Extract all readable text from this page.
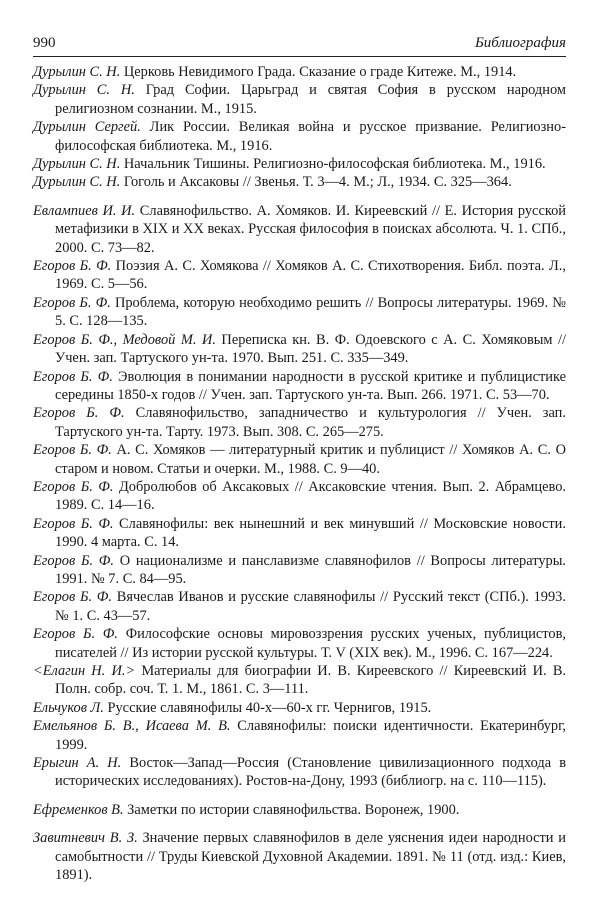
990	Библиография

Дурылин С. Н. Церковь Невидимого Града. Сказание о граде Китеже. М., 1914.

Дурылин С. Н. Град Софии. Царьград и святая София в русском народном религиозном сознании. М., 1915.

Дурылин Сергей. Лик России. Великая война и русское призвание. Религиозно-философская библиотека. М., 1916.

Дурылин С. Н. Начальник Тишины. Религиозно-философская библиотека. М., 1916.

Дурылин С. Н. Гоголь и Аксаковы // Звенья. Т. 3—4. М.; Л., 1934. С. 325—364.

Евлампиев И. И. Славянофильство. А. Хомяков. И. Киреевский // Е. История русской метафизики в XIX и XX веках. Русская философия в поисках абсолюта. Ч. 1. СПб., 2000. С. 73—82.

Егоров Б. Ф. Поэзия А. С. Хомякова // Хомяков А. С. Стихотворения. Библ. поэта. Л., 1969. С. 5—56.

Егоров Б. Ф. Проблема, которую необходимо решить // Вопросы литературы. 1969. № 5. С. 128—135.

Егоров Б. Ф., Медовой М. И. Переписка кн. В. Ф. Одоевского с А. С. Хомяковым // Учен. зап. Тартуского ун-та. 1970. Вып. 251. С. 335—349.

Егоров Б. Ф. Эволюция в понимании народности в русской критике и публицистике середины 1850-х годов // Учен. зап. Тартуского ун-та. Вып. 266. 1971. С. 53—70.

Егоров Б. Ф. Славянофильство, западничество и культурология // Учен. зап. Тартуского ун-та. Тарту. 1973. Вып. 308. С. 265—275.

Егоров Б. Ф. А. С. Хомяков — литературный критик и публицист // Хомяков А. С. О старом и новом. Статьи и очерки. М., 1988. С. 9—40.

Егоров Б. Ф. Добролюбов об Аксаковых // Аксаковские чтения. Вып. 2. Абрамцево. 1989. С. 14—16.

Егоров Б. Ф. Славянофилы: век нынешний и век минувший // Московские новости. 1990. 4 марта. С. 14.

Егоров Б. Ф. О национализме и панславизме славянофилов // Вопросы литературы. 1991. № 7. С. 84—95.

Егоров Б. Ф. Вячеслав Иванов и русские славянофилы // Русский текст (СПб.). 1993. № 1. С. 43—57.

Егоров Б. Ф. Философские основы мировоззрения русских ученых, публицистов, писателей // Из истории русской культуры. Т. V (XIX век). М., 1996. С. 167—224.

<Елагин Н. И.> Материалы для биографии И. В. Киреевского // Киреевский И. В. Полн. собр. соч. Т. 1. М., 1861. С. 3—111.

Ельчуков Л. Русские славянофилы 40-х—60-х гг. Чернигов, 1915.

Емельянов Б. В., Исаева М. В. Славянофилы: поиски идентичности. Екатеринбург, 1999.

Ерыгин А. Н. Восток—Запад—Россия (Становление цивилизационного подхода в исторических исследованиях). Ростов-на-Дону, 1993 (библиогр. на с. 110—115).

Ефременков В. Заметки по истории славянофильства. Воронеж, 1900.

Завитневич В. З. Значение первых славянофилов в деле уяснения идеи народности и самобытности // Труды Киевской Духовной Академии. 1891. № 11 (отд. изд.: Киев, 1891).
